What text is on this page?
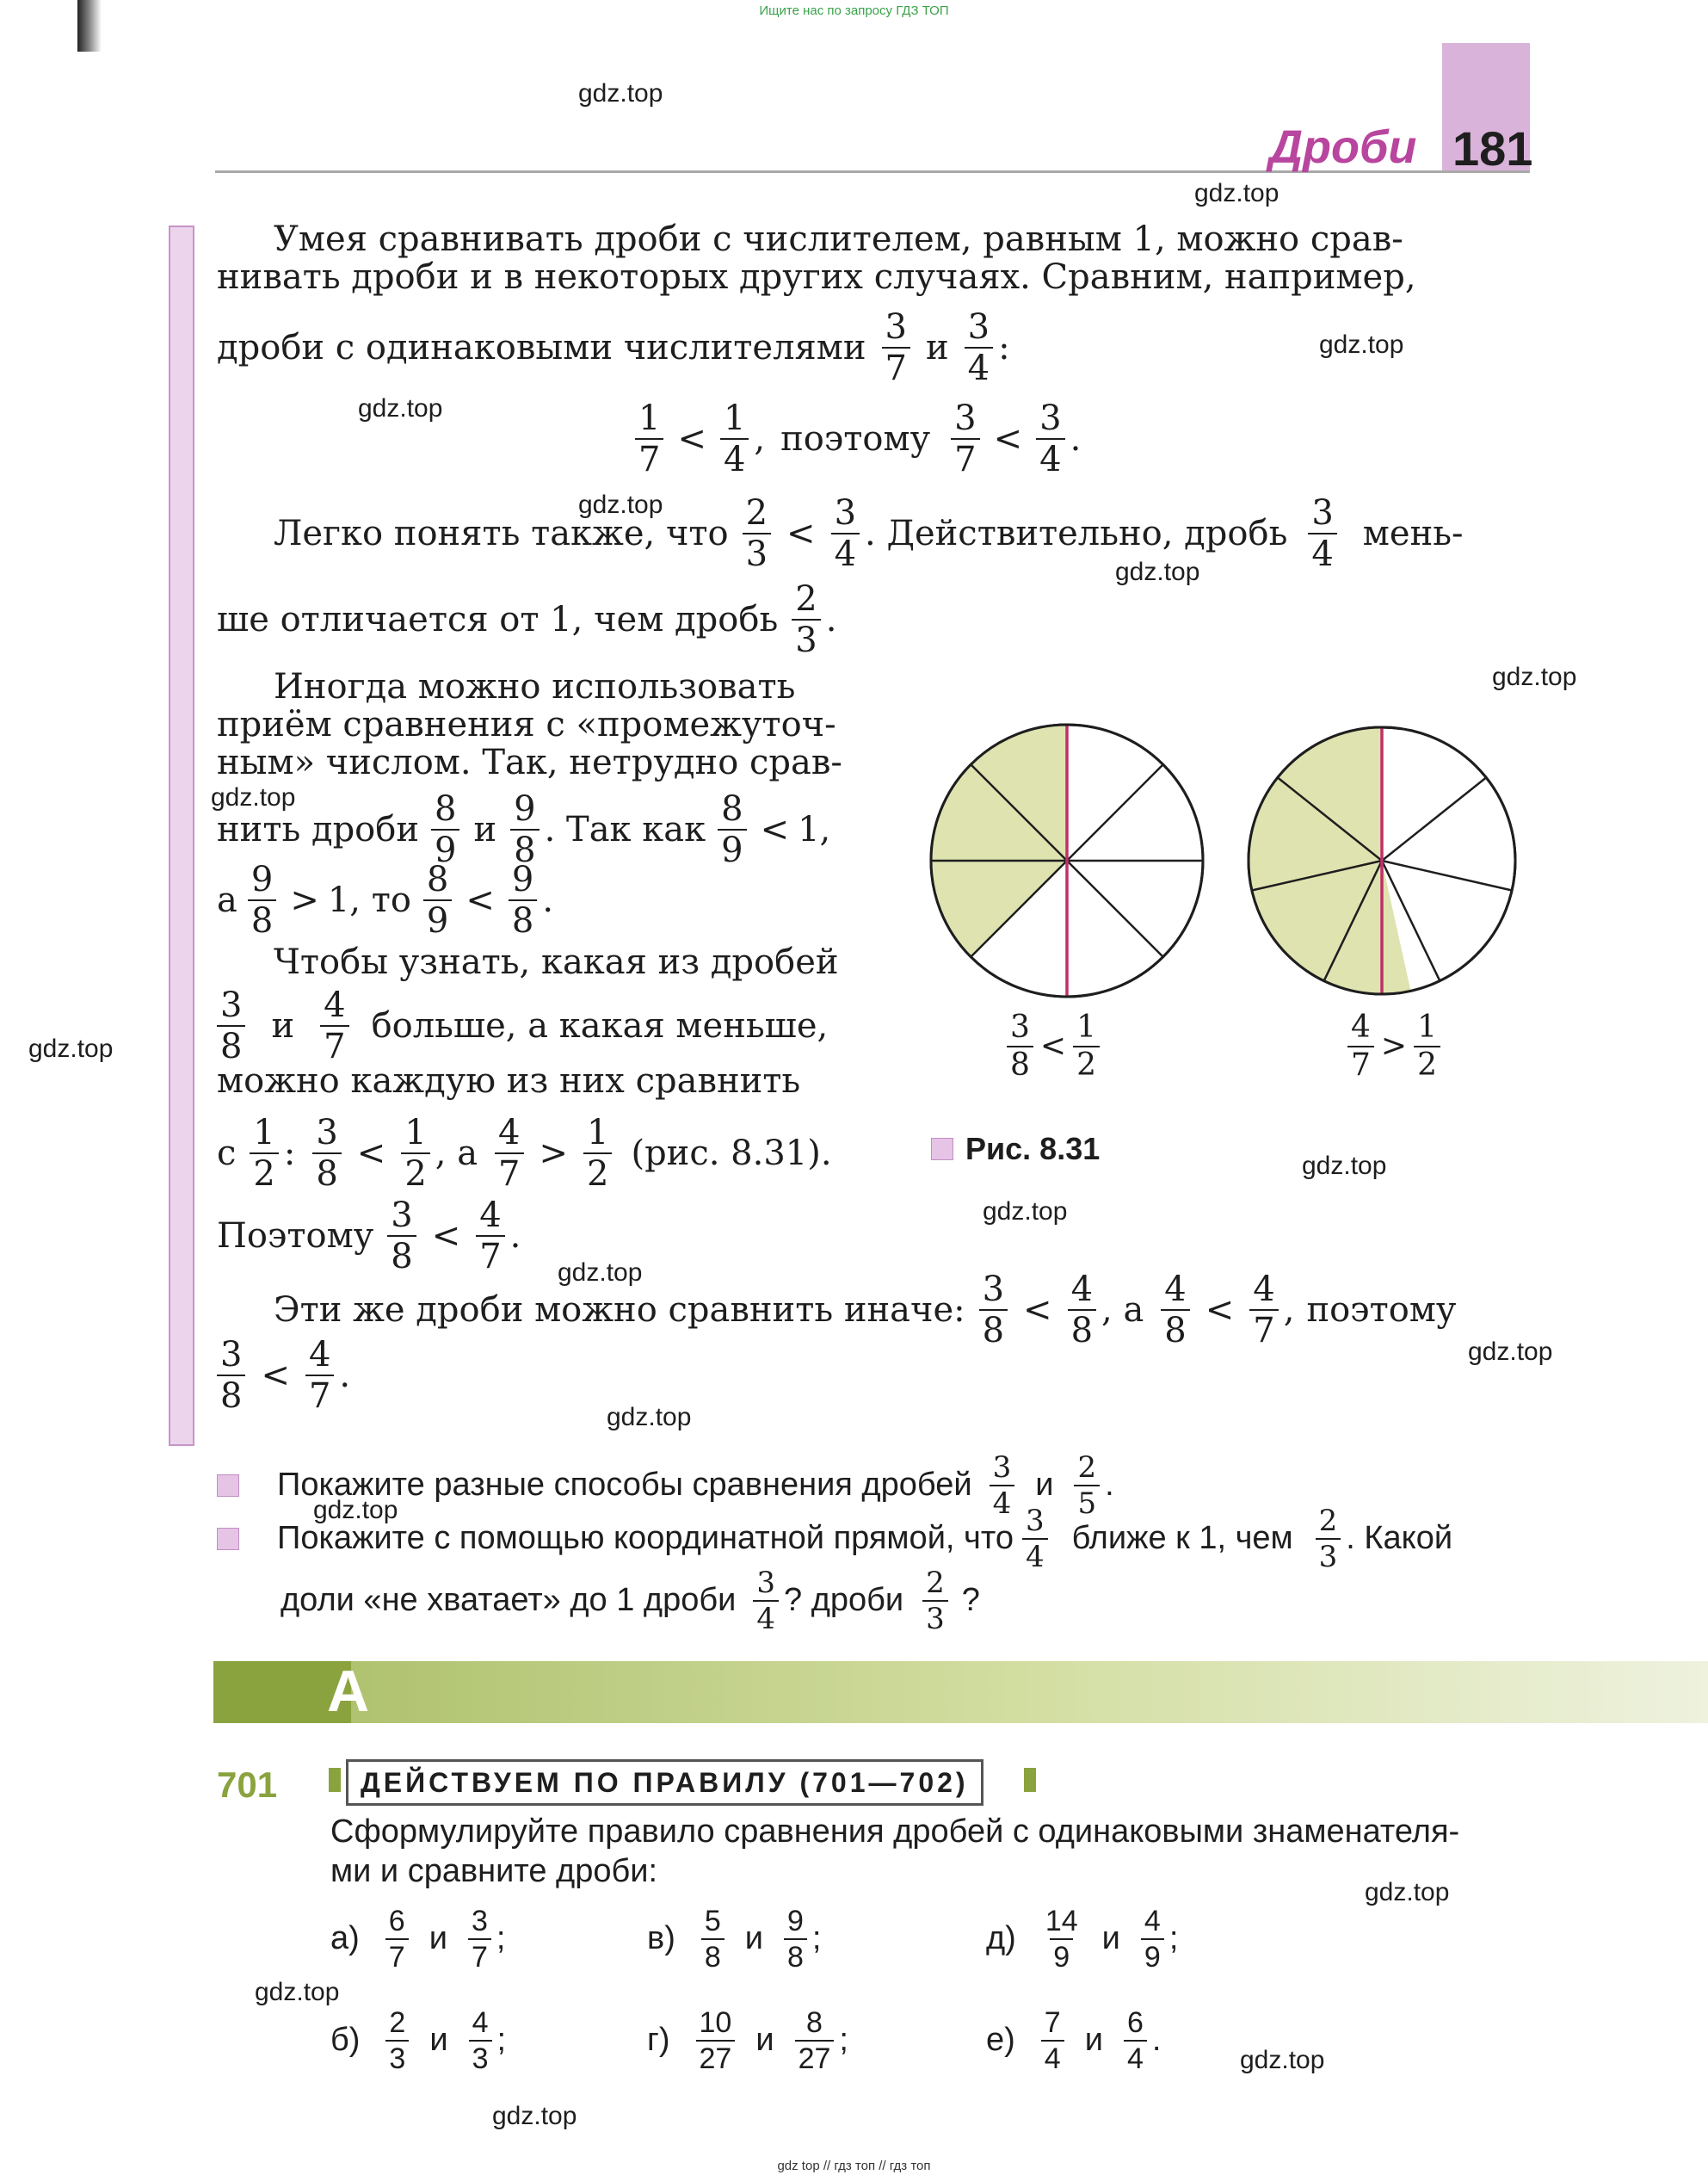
Ищите нас по запросу ГДЗ ТОП
Дроби 181
gdz.top
gdz.top
gdz.top
gdz.top
gdz.top
gdz.top
gdz.top
gdz.top
gdz.top
gdz.top
gdz.top
gdz.top
gdz.top
gdz.top
gdz.top
gdz.top
gdz.top
gdz.top
gdz.top
Умея сравнивать дроби с числителем, равным 1, можно срав-
нивать дроби и в некоторых других случаях. Сравним, например,
дроби с одинаковыми числителями $\frac{3}{7}$ и $\frac{3}{4}$ :
$\frac{1}{7} < \frac{1}{4}$ , поэтому $\frac{3}{7} < \frac{3}{4}$ .
Легко понять также, что $\frac{2}{3} < \frac{3}{4}$ . Действительно, дробь $\frac{3}{4}$ мень-
ше отличается от 1, чем дробь $\frac{2}{3}$ .
Иногда можно использовать
приём сравнения с «промежуточ-
ным» числом. Так, нетрудно срав-
нить дроби $\frac{8}{9}$ и $\frac{9}{8}$ . Так как $\frac{8}{9} < 1$ ,
а $\frac{9}{8} > 1$, то $\frac{8}{9} < \frac{9}{8}$ .
Чтобы узнать, какая из дробей
$\frac{3}{8}$ и $\frac{4}{7}$ больше, а какая меньше,
можно каждую из них сравнить
с $\frac{1}{2}$ : $\frac{3}{8} < \frac{1}{2}$ , а $\frac{4}{7} > \frac{1}{2} (рис$. 8.31).
Поэтому $\frac{3}{8} < \frac{4}{7}$ .
Эти же дроби можно сравнить иначе: $\frac{3}{8} < \frac{4}{8}$ , а $\frac{4}{8} < \frac{4}{7}$ , поэтому
$\frac{3}{8} < \frac{4}{7}$ .
$\frac{3}{8} < \frac{1}{2}$	$\frac{4}{7} > \frac{1}{2}$
Рис. 8.31
Покажите разные способы сравнения дробей $\frac{3}{4}$ и $\frac{2}{5}$ .
Покажите с помощью координатной прямой, что $\frac{3}{4}$ ближе к 1, чем $\frac{2}{3}$ . Какой
доли «не хватает» до 1 дроби $\frac{3}{4}$ ? дроби $\frac{2}{3}$ ?
А
701	ДЕЙСТВУЕМ ПО ПРАВИЛУ (701—702)
Сформулируйте правило сравнения дробей с одинаковыми знаменателя-
ми и сравните дроби:
$а) \frac{6}{7}$ и $\frac{3}{7}$ ;	$в) \frac{5}{8}$ и $\frac{9}{8}$ ;	$д) \frac{14}{9}$ и $\frac{4}{9}$ ;
$б) \frac{2}{3}$ и $\frac{4}{3}$ ;	$г) \frac{10}{27}$ и $\frac{8}{27}$ ;	$е) \frac{7}{4}$ и $\frac{6}{4}$ .
gdz top // гдз топ // гдз топ
